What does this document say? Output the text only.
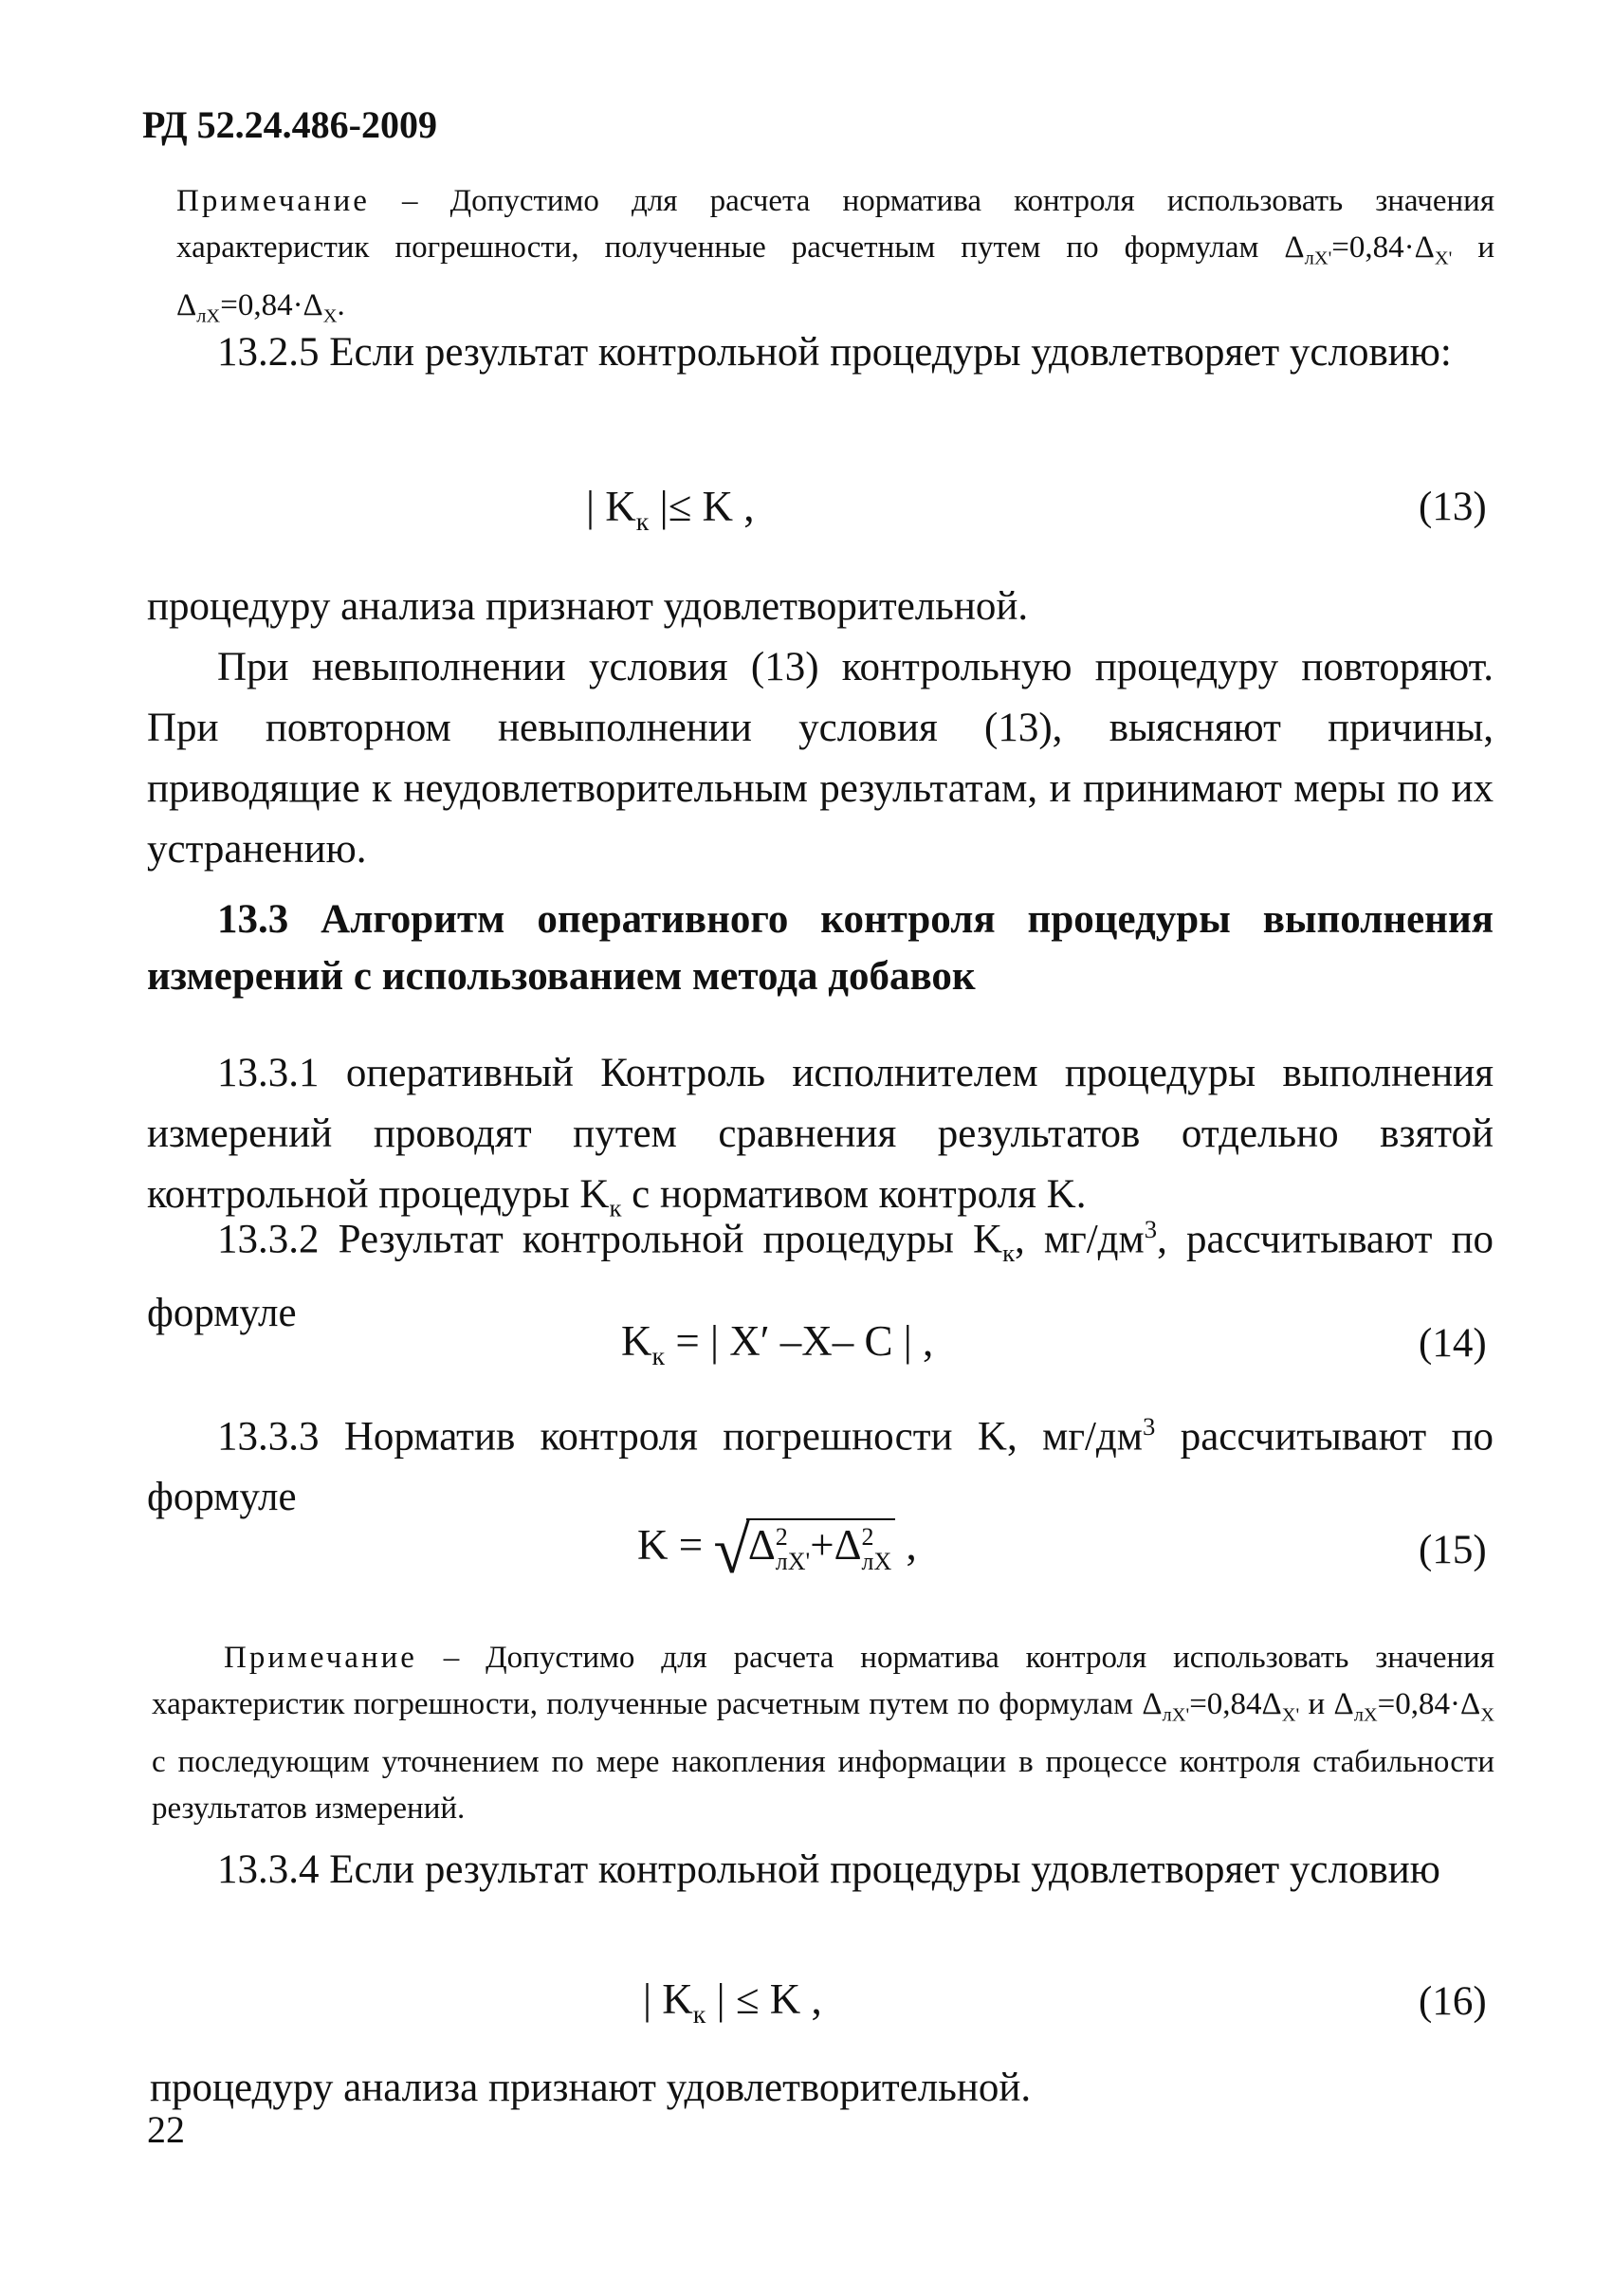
РД 52.24.486-2009
Примечание – Допустимо для расчета норматива контроля использовать значения характеристик погрешности, полученные расчетным путем по формулам $\Delta_{лX'}=0,84\cdot\Delta_{X'}$ и $\Delta_{лX}=0,84\cdot\Delta_X$.
13.2.5 Если результат контрольной процедуры удовлетворяет условию:
| $K_к$ |≤ K ,	(13)
процедуру анализа признают удовлетворительной.
При невыполнении условия (13) контрольную процедуру повторяют. При повторном невыполнении условия (13), выясняют причины, приводящие к неудовлетворительным результатам, и принимают меры по их устранению.
13.3 Алгоритм оперативного контроля процедуры выполнения измерений с использованием метода добавок
13.3.1 оперативный Контроль исполнителем процедуры выполнения измерений проводят путем сравнения результатов отдельно взятой контрольной процедуры $K_к$ с нормативом контроля K.
13.3.2 Результат контрольной процедуры $K_к$, $мг/дм^3$, рассчитывают по формуле
$K_к$ = | X′ –X– C | ,	(14)
13.3.3 Норматив контроля погрешности K, $мг/дм^3$ рассчитывают по формуле
K = √Δ 2
лX' +Δ 2
лX ,	(15)
Примечание – Допустимо для расчета норматива контроля использовать значения характеристик погрешности, полученные расчетным путем по формулам $\Delta_{лX'}=0,84\Delta_{X'}$ и $\Delta_{лX}=0,84\cdot\Delta_X$ с последующим уточнением по мере накопления информации в процессе контроля стабильности результатов измерений.
13.3.4 Если результат контрольной процедуры удовлетворяет условию
| $K_к$ | ≤ K ,	(16)
процедуру анализа признают удовлетворительной.
22
